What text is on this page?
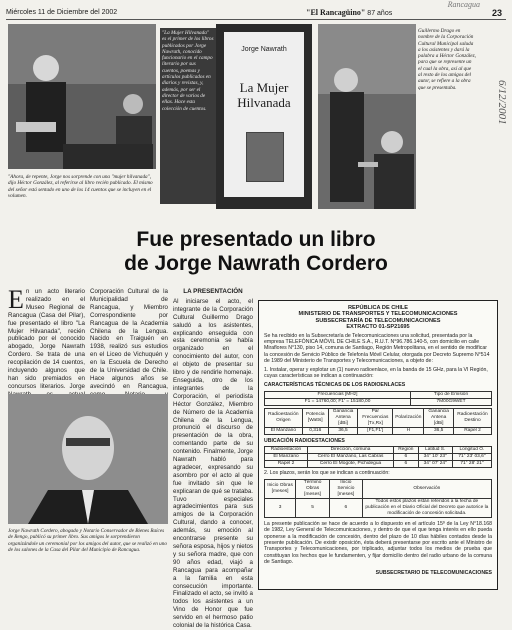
Miércoles 11 de Diciembre del 2002	"El Rancagüino" 87 años	23
Rancagua
6/12/2001
"Ahora, de repente, Jorge nos sorprende con una "mujer hilvanada", dijo Héctor González, al referirse al libro recién publicado. El mismo del señor está sentado en uno de los 14 cuentos que se incluyen en el volumen.
"La Mujer Hilvanada" es el primer de los libros publicados por Jorge Nawrath, conocido funcionario en el campo literario por sus cuentos, poemas y artículos publicados en diarios y revistas, y, además, por ser el director de varios de ellas. Hace esta colección de cuentos.
Jorge Nawrath
La Mujer
Hilvanada
Guillermo Drago en nombre de la Corporación Cultural Municipal saluda a los asistentes y dará la palabra a Héctor González, para que se represente un el cual la obra, así al que al resto de los amigos del autor, se refiere a la obra que se presentaba.
Fue presentado un libro
de Jorge Nawrath Cordero
En un acto literario realizado en el Museo Regional de Rancagua (Casa del Pilar), fue presentado el libro "La Mujer Hilvanada", recién publicado por el conocido abogado, Jorge Nawrath Cordero. Se trata de una recopilación de 14 cuentos, incluyendo algunos que han sido premiados en concursos literarios. Jorge
Corporación Cultural de la Municipalidad de Rancagua, y Miembro Correspondiente por Rancagua de la Academia Chilena de la Lengua. Nacido en Traiguén en 1938, realizó sus estudios en el Liceo de Vichuquén y en la Escuela de Derecho de la Universidad de Chile. Hace algunos años se avecindó en Rancagua,
LA PRESENTACIÓN
Al iniciarse el acto, el integrante de la Corporación Cultural Guillermo Drago saludó a los asistentes, explicando enseguida con esta ceremonia se había organizado en el conocimiento del autor, con el objeto de presentar su libro y de rendirle homenaje. Enseguida, otro de los integrantes de la Corporación, el periodista Héctor González, Miembro de Número de la Academia Chilena de la Lengua, pronunció el discurso de presentación de la obra, comentando parte de su contenido. Finalmente, Jorge Nawrath habló para agradecer, expresando su asombro por el acto al que fue invitado sin que le explicaran de qué se trataba. Tuvo especiales agradecimientos para sus amigos de la Corporación Cultural, dando a conocer, además, su emoción al encontrarse presente su señora esposa, hijos y nietos y su señora madre, que con 90 años edad, viajó a Rancagua para acompañar a la familia en esta consecución importante. Finalizado el acto, se invitó a todos los asistentes a un Vino de Honor que fue servido en el hermoso patio colonial de la histórica Casa.
Jorge Nawrath Cordero, abogado y Notario Conservador de Bienes Raíces de Rengo, publicó su primer libro. Sus amigos le sorprendieron organizándole un ceremonial por los amigos del autor, que se realizó en uno de los salones de la Casa del Pilar del Municipio de Rancagua.
REPÚBLICA DE CHILE
MINISTERIO DE TRANSPORTES Y TELECOMUNICACIONES
SUBSECRETARÍA DE TELECOMUNICACIONES
EXTRACTO 01-SP21695
Se ha recibido en la Subsecretaría de Telecomunicaciones una solicitud, presentada por la empresa TELEFÓNICA MÓVIL DE CHILE S.A., R.U.T. N°96.786.140-5, con domicilio en calle Miraflores N°130, piso 14, comuna de Santiago, Región Metropolitana, en el sentido de modificar la concesión de Servicio Público de Telefonía Móvil Celular, otorgada por Decreto Supremo N°514 de 1989 del Ministerio de Transportes y Telecomunicaciones, a objeto de:
1. Instalar, operar y explotar un (1) nuevo radioenlace, en la banda de 15 GHz, para la VI Región, cuyas características se indican a continuación:
CARACTERÍSTICAS TÉCNICAS DE LOS RADIOENLACES
Frecuencias [MHz]	Tipo de Emisión
F1 = 14760,00; F1' = 15180,00	7M00G9WET
Radioestación Origen	Potencia [Watts]	Ganancia Antena [dBi]	Par Frecuencias [Tx,Rx]	Polarización	Ganancia Antena [dBi]	Radioestación Destino
El Manzano	0,316	36,5	[F1,F1']	H	36,5	Rapel 2
UBICACIÓN RADIOESTACIONES
Radioestación	Dirección, comuna	Región	Latitud S.	Longitud O.
El Manzano	Cerro El Manzano, Las Cabras	6	34° 10' 23"	71° 23' 03,6"
Rapel 2	Cerro El Mogote, Pichidegua	6	34° 07' 24"	71° 28' 21"
2. Los plazos, serán los que se indican a continuación:
Inicio Obras [meses]	Término Obras [meses]	Inicio Servicio [meses]	Observación
3	5	6	Todos estos plazos están referidos a la fecha de publicación en el Diario Oficial del Decreto que autorice la modificación de concesión solicitada.
La presente publicación se hace de acuerdo a lo dispuesto en el artículo 15º de la Ley N°18.168 de 1982, Ley General de Telecomunicaciones, y dentro de que el que tenga interés en ello pueda oponerse a la modificación de concesión, dentro del plazo de 10 días hábiles contados desde la presente publicación. De existir oposición, ésta deberá presentarse por escrito ante el Ministro de Transportes y Telecomunicaciones, por triplicado, adjuntar todos los medios de prueba que constituyan los hechos que le fundamenten, y fijar domicilio dentro del radio urbano de la comuna de Santiago.
SUBSECRETARIO DE TELECOMUNICACIONES
